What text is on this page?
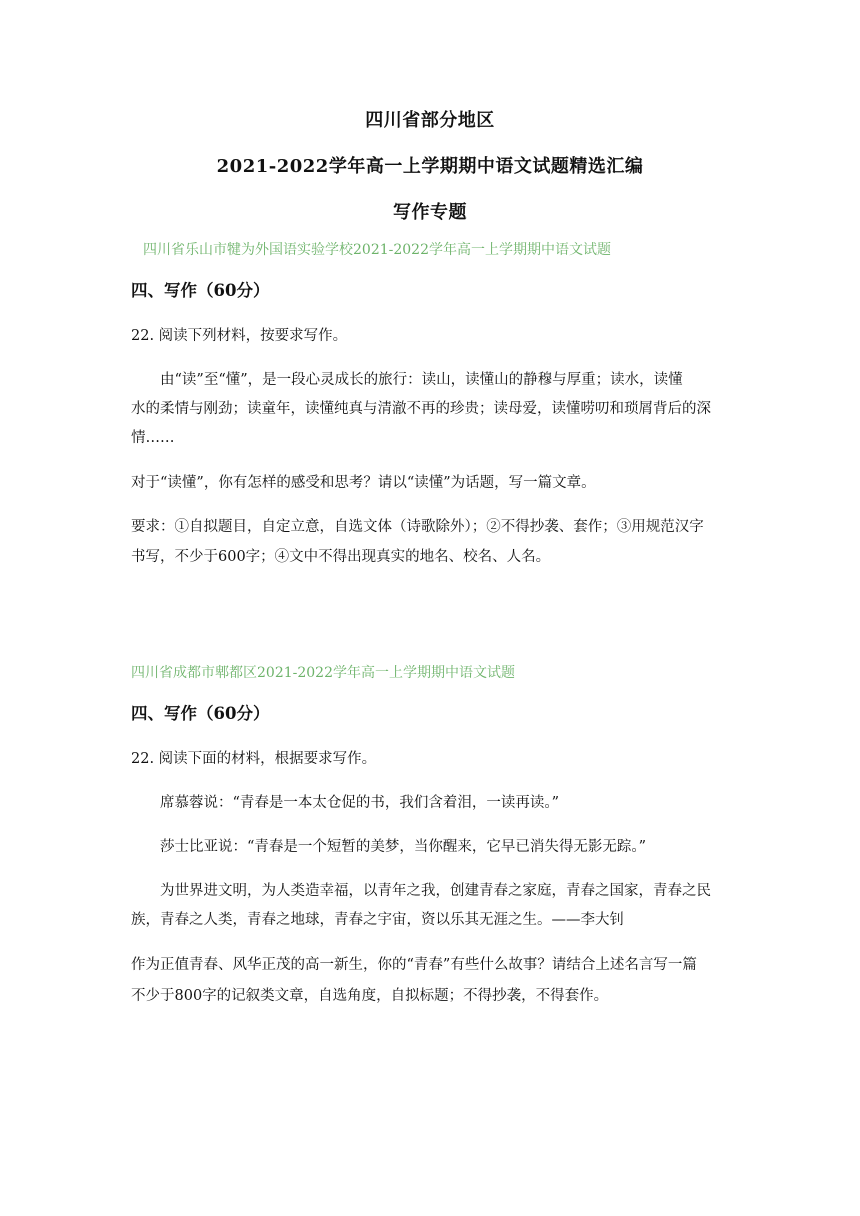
四川省部分地区
2021-2022学年高一上学期期中语文试题精选汇编
写作专题
四川省乐山市犍为外国语实验学校2021-2022学年高一上学期期中语文试题
四、写作（60分）
22. 阅读下列材料，按要求写作。
由“读”至“懂”，是一段心灵成长的旅行：读山，读懂山的静穆与厚重；读水，读懂
水的柔情与刚劲；读童年，读懂纯真与清澈不再的珍贵；读母爱，读懂唠叨和琐屑背后的深
情……
对于“读懂”，你有怎样的感受和思考？请以“读懂”为话题，写一篇文章。
要求：①自拟题目，自定立意，自选文体（诗歌除外）；②不得抄袭、套作；③用规范汉字
书写，不少于600字；④文中不得出现真实的地名、校名、人名。
四川省成都市郫都区2021-2022学年高一上学期期中语文试题
四、写作（60分）
22. 阅读下面的材料，根据要求写作。
席慕蓉说：“青春是一本太仓促的书，我们含着泪，一读再读。”
莎士比亚说：“青春是一个短暂的美梦，当你醒来，它早已消失得无影无踪。”
为世界进文明，为人类造幸福，以青年之我，创建青春之家庭，青春之国家，青春之民
族，青春之人类，青春之地球，青春之宇宙，资以乐其无涯之生。——李大钊
作为正值青春、风华正茂的高一新生，你的“青春”有些什么故事？请结合上述名言写一篇
不少于800字的记叙类文章，自选角度，自拟标题；不得抄袭，不得套作。
